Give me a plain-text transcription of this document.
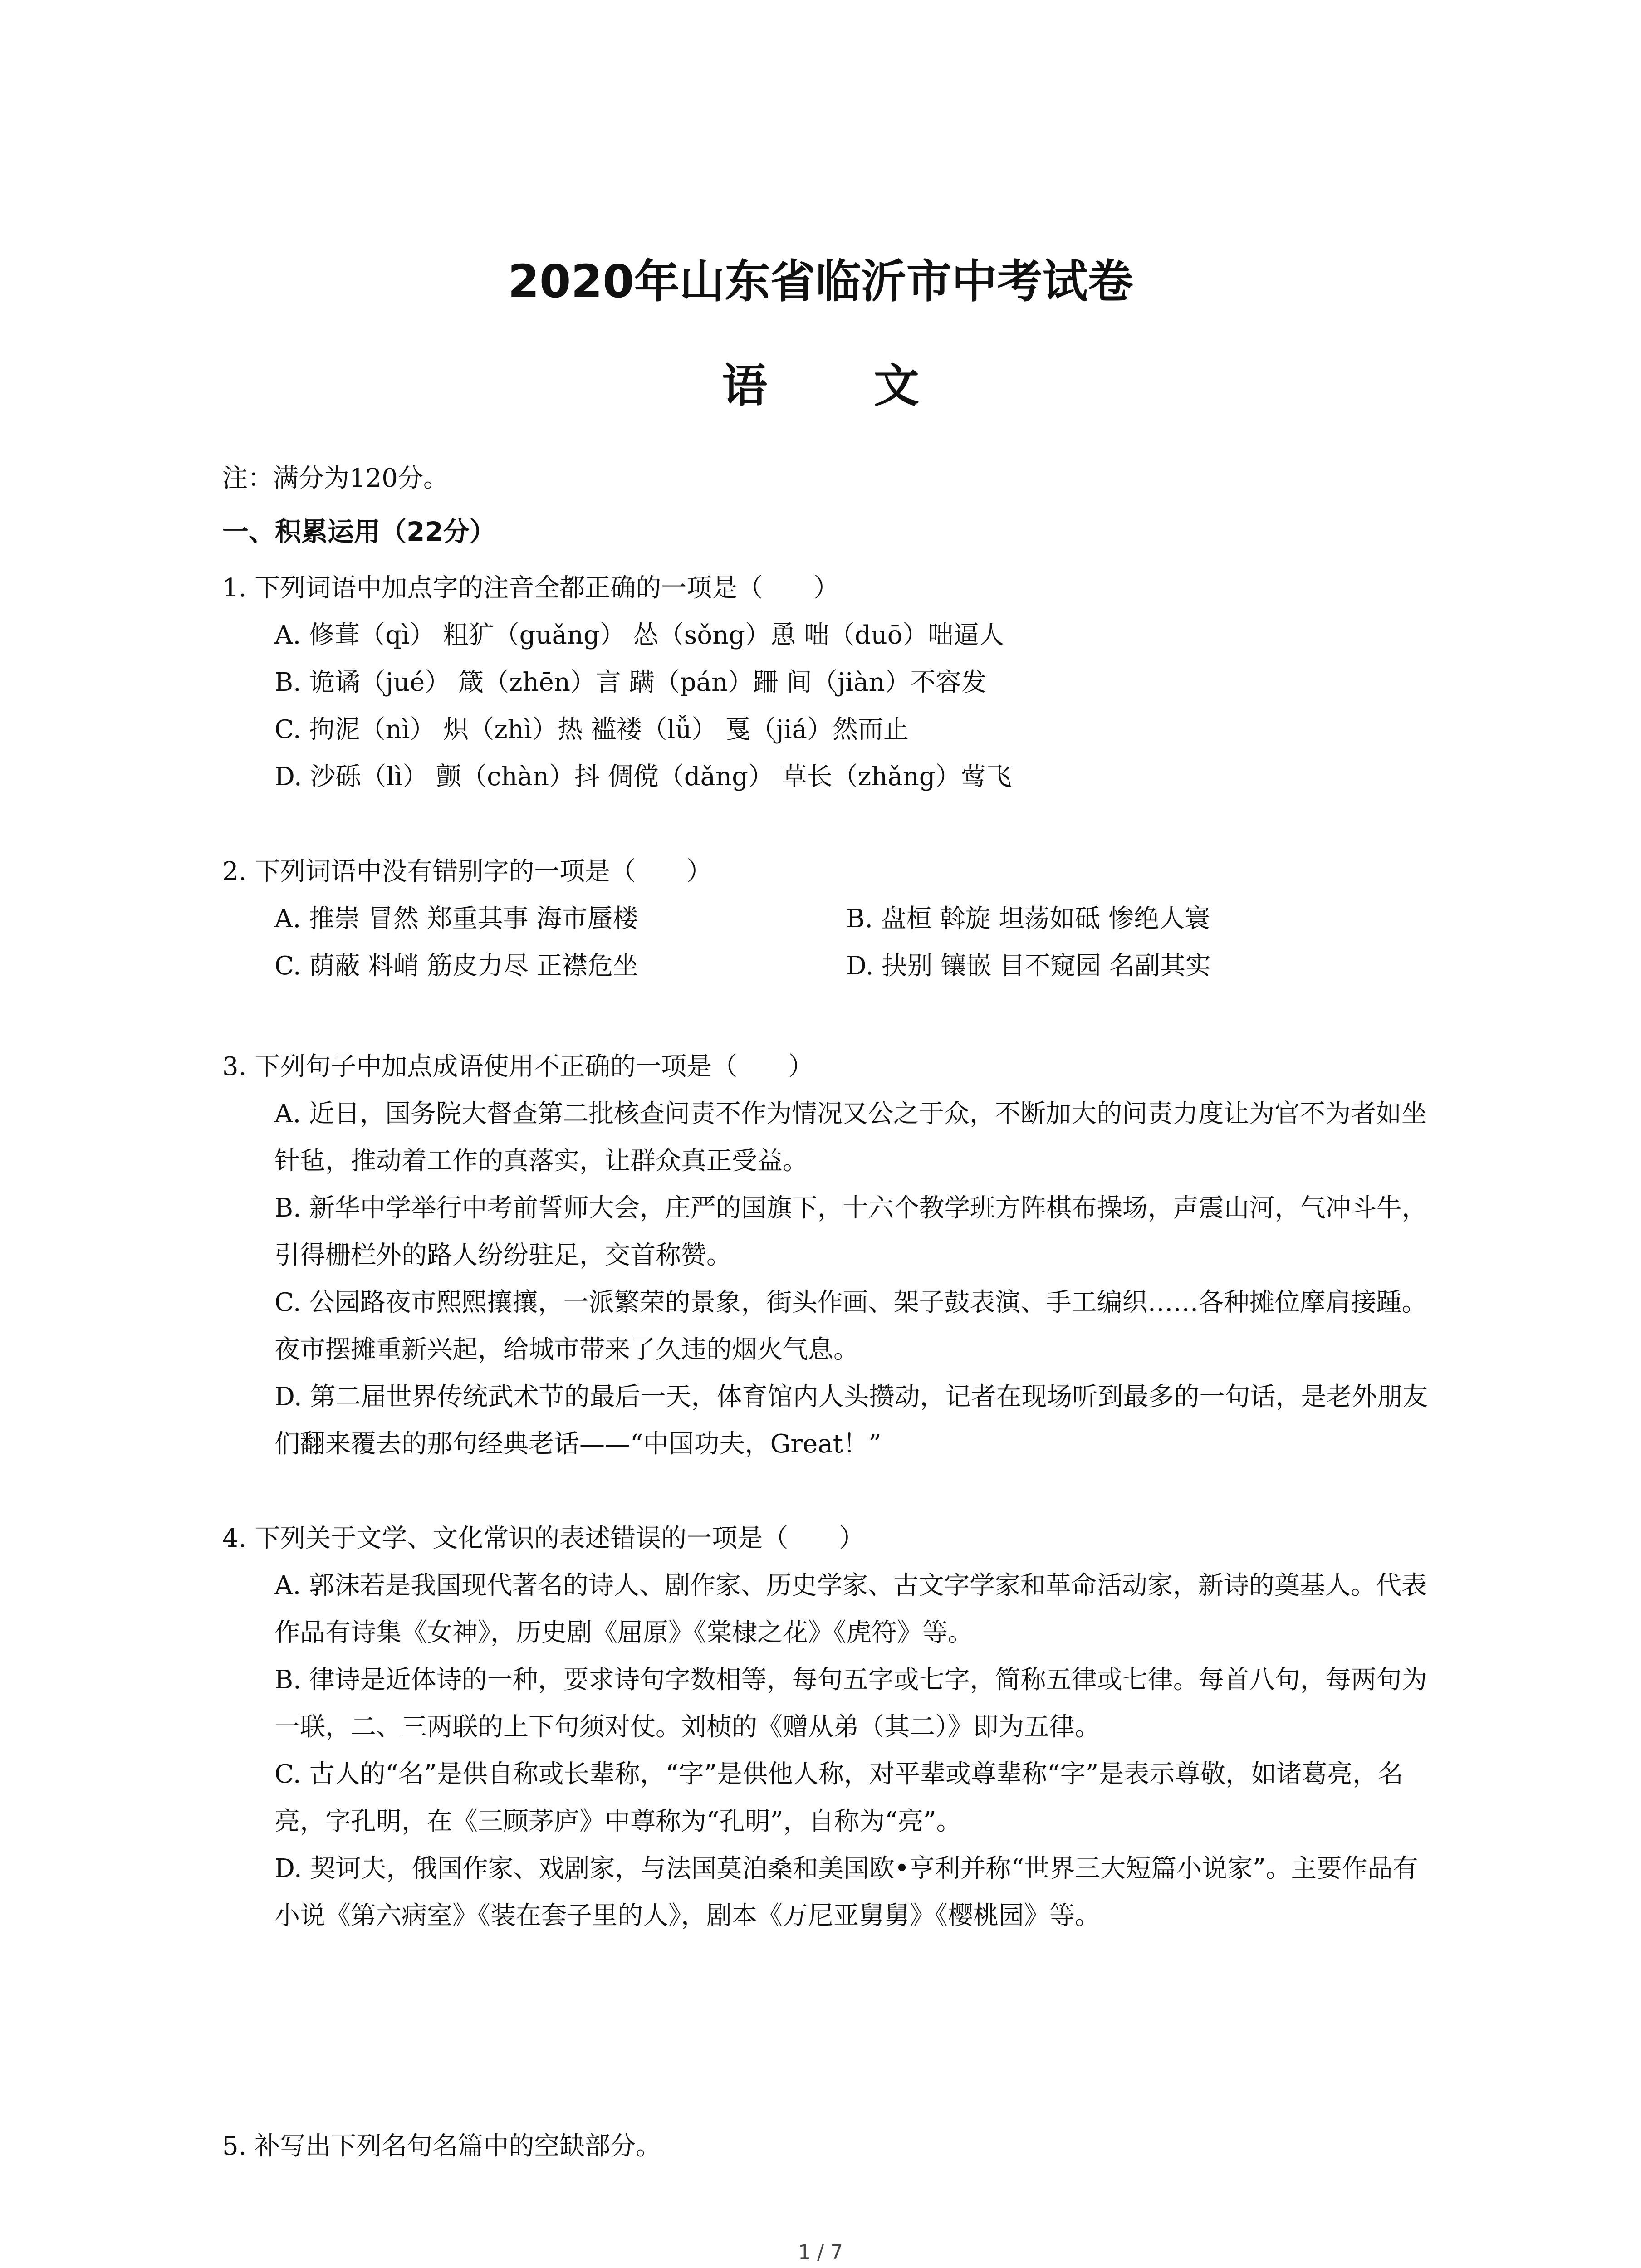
2020年山东省临沂市中考试卷
语 文
注：满分为120分。
一、积累运用（22分）
1. 下列词语中加点字的注音全都正确的一项是（　　）
A. 修葺（qì） 粗犷（guǎng） 怂（sǒng）恿 咄（duō）咄逼人
B. 诡谲（jué） 箴（zhēn）言 蹒（pán）跚 间（jiàn）不容发
C. 拘泥（nì） 炽（zhì）热 褴褛（lǚ） 戛（jiá）然而止
D. 沙砾（lì） 颤（chàn）抖 倜傥（dǎng） 草长（zhǎng）莺飞
2. 下列词语中没有错别字的一项是（　　）
A. 推崇 冒然 郑重其事 海市蜃楼	B. 盘桓 斡旋 坦荡如砥 惨绝人寰
C. 荫蔽 料峭 筋皮力尽 正襟危坐	D. 抉别 镶嵌 目不窥园 名副其实
3. 下列句子中加点成语使用不正确的一项是（　　）
A. 近日，国务院大督查第二批核查问责不作为情况又公之于众，不断加大的问责力度让为官不为者如坐针毡，推动着工作的真落实，让群众真正受益。
B. 新华中学举行中考前誓师大会，庄严的国旗下，十六个教学班方阵棋布操场，声震山河，气冲斗牛，引得栅栏外的路人纷纷驻足，交首称赞。
C. 公园路夜市熙熙攘攘，一派繁荣的景象，街头作画、架子鼓表演、手工编织……各种摊位摩肩接踵。夜市摆摊重新兴起，给城市带来了久违的烟火气息。
D. 第二届世界传统武术节的最后一天，体育馆内人头攒动，记者在现场听到最多的一句话，是老外朋友们翻来覆去的那句经典老话——“中国功夫，Great！”
4. 下列关于文学、文化常识的表述错误的一项是（　　）
A. 郭沫若是我国现代著名的诗人、剧作家、历史学家、古文字学家和革命活动家，新诗的奠基人。代表作品有诗集《女神》，历史剧《屈原》《棠棣之花》《虎符》等。
B. 律诗是近体诗的一种，要求诗句字数相等，每句五字或七字，简称五律或七律。每首八句，每两句为一联，二、三两联的上下句须对仗。刘桢的《赠从弟（其二）》即为五律。
C. 古人的“名”是供自称或长辈称，“字”是供他人称，对平辈或尊辈称“字”是表示尊敬，如诸葛亮，名亮，字孔明，在《三顾茅庐》中尊称为“孔明”，自称为“亮”。
D. 契诃夫，俄国作家、戏剧家，与法国莫泊桑和美国欧•亨利并称“世界三大短篇小说家”。主要作品有小说《第六病室》《装在套子里的人》，剧本《万尼亚舅舅》《樱桃园》等。
5. 补写出下列名句名篇中的空缺部分。
1 / 7
